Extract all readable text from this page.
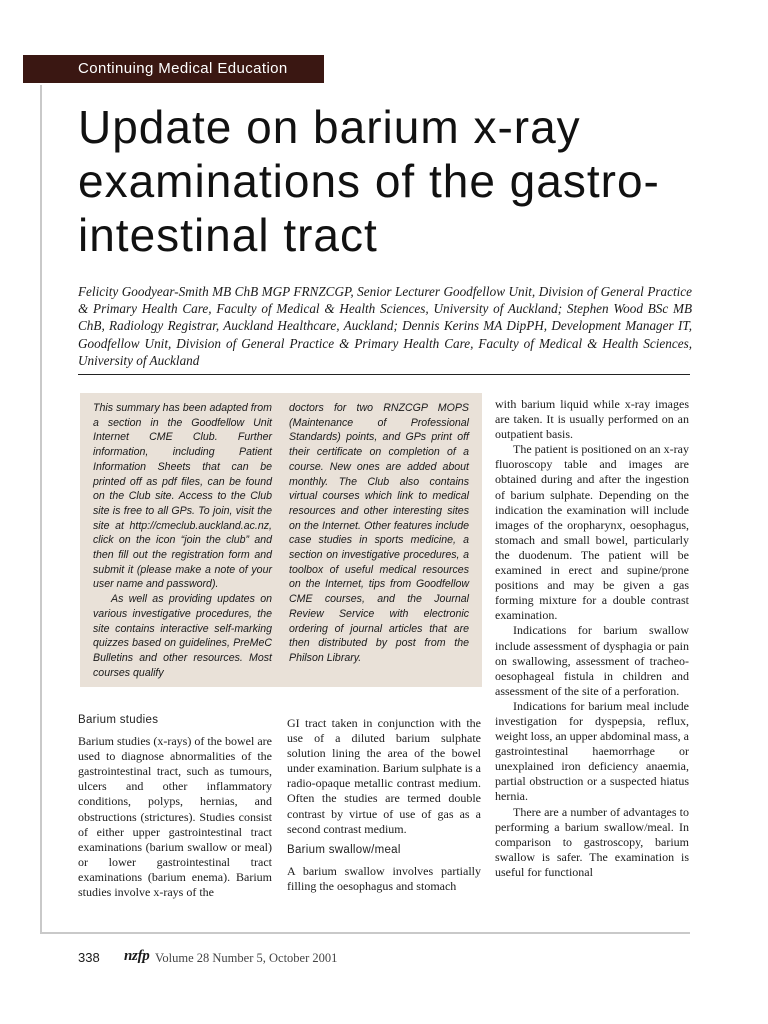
Continuing Medical Education
Update on barium x-ray examinations of the gastro-intestinal tract

Felicity Goodyear-Smith MB ChB MGP FRNZCGP, Senior Lecturer Goodfellow Unit, Division of General Practice & Primary Health Care, Faculty of Medical & Health Sciences, University of Auckland; Stephen Wood BSc MB ChB, Radiology Registrar, Auckland Healthcare, Auckland; Dennis Kerins MA DipPH, Development Manager IT, Goodfellow Unit, Division of General Practice & Primary Health Care, Faculty of Medical & Health Sciences, University of Auckland

This summary has been adapted from a section in the Goodfellow Unit Internet CME Club. Further information, including Patient Information Sheets that can be printed off as pdf files, can be found on the Club site. Access to the Club site is free to all GPs. To join, visit the site at http://cmeclub.auckland.ac.nz, click on the icon “join the club” and then fill out the registration form and submit it (please make a note of your user name and password).

As well as providing updates on various investigative procedures, the site contains interactive self-marking quizzes based on guidelines, PreMeC Bulletins and other resources. Most courses qualify

doctors for two RNZCGP MOPS (Maintenance of Professional Standards) points, and GPs print off their certificate on completion of a course. New ones are added about monthly. The Club also contains virtual courses which link to medical resources and other interesting sites on the Internet. Other features include case studies in sports medicine, a section on investigative procedures, a toolbox of useful medical resources on the Internet, tips from Goodfellow CME courses, and the Journal Review Service with electronic ordering of journal articles that are then distributed by post from the Philson Library.

Barium studies

Barium studies (x-rays) of the bowel are used to diagnose abnormalities of the gastrointestinal tract, such as tumours, ulcers and other inflammatory conditions, polyps, hernias, and obstructions (strictures). Studies consist of either upper gastrointestinal tract examinations (barium swallow or meal) or lower gastrointestinal tract examinations (barium enema). Barium studies involve x-rays of the

GI tract taken in conjunction with the use of a diluted barium sulphate solution lining the area of the bowel under examination. Barium sulphate is a radio-opaque metallic contrast medium. Often the studies are termed double contrast by virtue of use of gas as a second contrast medium.

Barium swallow/meal

A barium swallow involves partially filling the oesophagus and stomach

with barium liquid while x-ray images are taken. It is usually performed on an outpatient basis.

The patient is positioned on an x-ray fluoroscopy table and images are obtained during and after the ingestion of barium sulphate. Depending on the indication the examination will include images of the oropharynx, oesophagus, stomach and small bowel, particularly the duodenum. The patient will be examined in erect and supine/prone positions and may be given a gas forming mixture for a double contrast examination.

Indications for barium swallow include assessment of dysphagia or pain on swallowing, assessment of tracheo-oesophageal fistula in children and assessment of the site of a perforation.

Indications for barium meal include investigation for dyspepsia, reflux, weight loss, an upper abdominal mass, a gastrointestinal haemorrhage or unexplained iron deficiency anaemia, partial obstruction or a suspected hiatus hernia.

There are a number of advantages to performing a barium swallow/meal. In comparison to gastroscopy, barium swallow is safer. The examination is useful for functional

338 nzfp Volume 28 Number 5, October 2001
